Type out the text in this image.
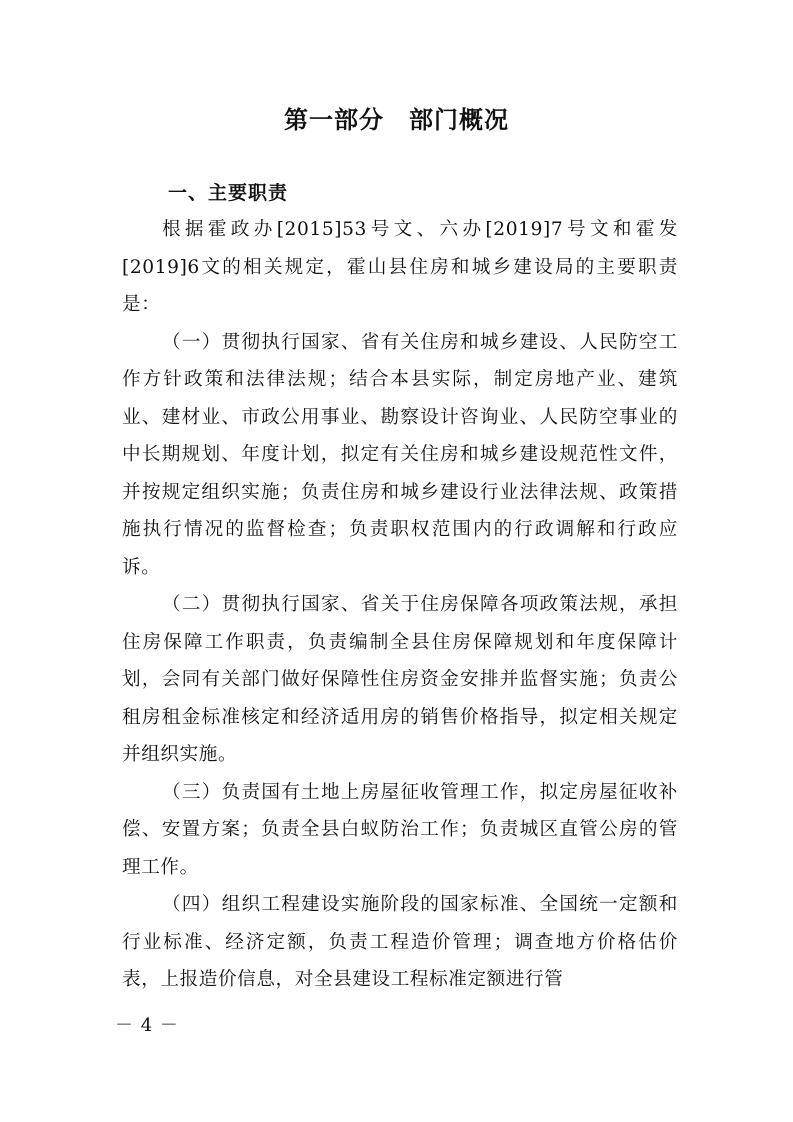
第一部分　部门概况
一、主要职责

根据霍政办[2015]53号文、六办[2019]7号文和霍发[2019]6文的相关规定，霍山县住房和城乡建设局的主要职责是：

（一）贯彻执行国家、省有关住房和城乡建设、人民防空工作方针政策和法律法规；结合本县实际，制定房地产业、建筑业、建材业、市政公用事业、勘察设计咨询业、人民防空事业的中长期规划、年度计划，拟定有关住房和城乡建设规范性文件，并按规定组织实施；负责住房和城乡建设行业法律法规、政策措施执行情况的监督检查；负责职权范围内的行政调解和行政应诉。

（二）贯彻执行国家、省关于住房保障各项政策法规，承担住房保障工作职责，负责编制全县住房保障规划和年度保障计划，会同有关部门做好保障性住房资金安排并监督实施；负责公租房租金标准核定和经济适用房的销售价格指导，拟定相关规定并组织实施。

（三）负责国有土地上房屋征收管理工作，拟定房屋征收补偿、安置方案；负责全县白蚁防治工作；负责城区直管公房的管理工作。

（四）组织工程建设实施阶段的国家标准、全国统一定额和行业标准、经济定额，负责工程造价管理；调查地方价格估价表，上报造价信息，对全县建设工程标准定额进行管

－ 4 －
